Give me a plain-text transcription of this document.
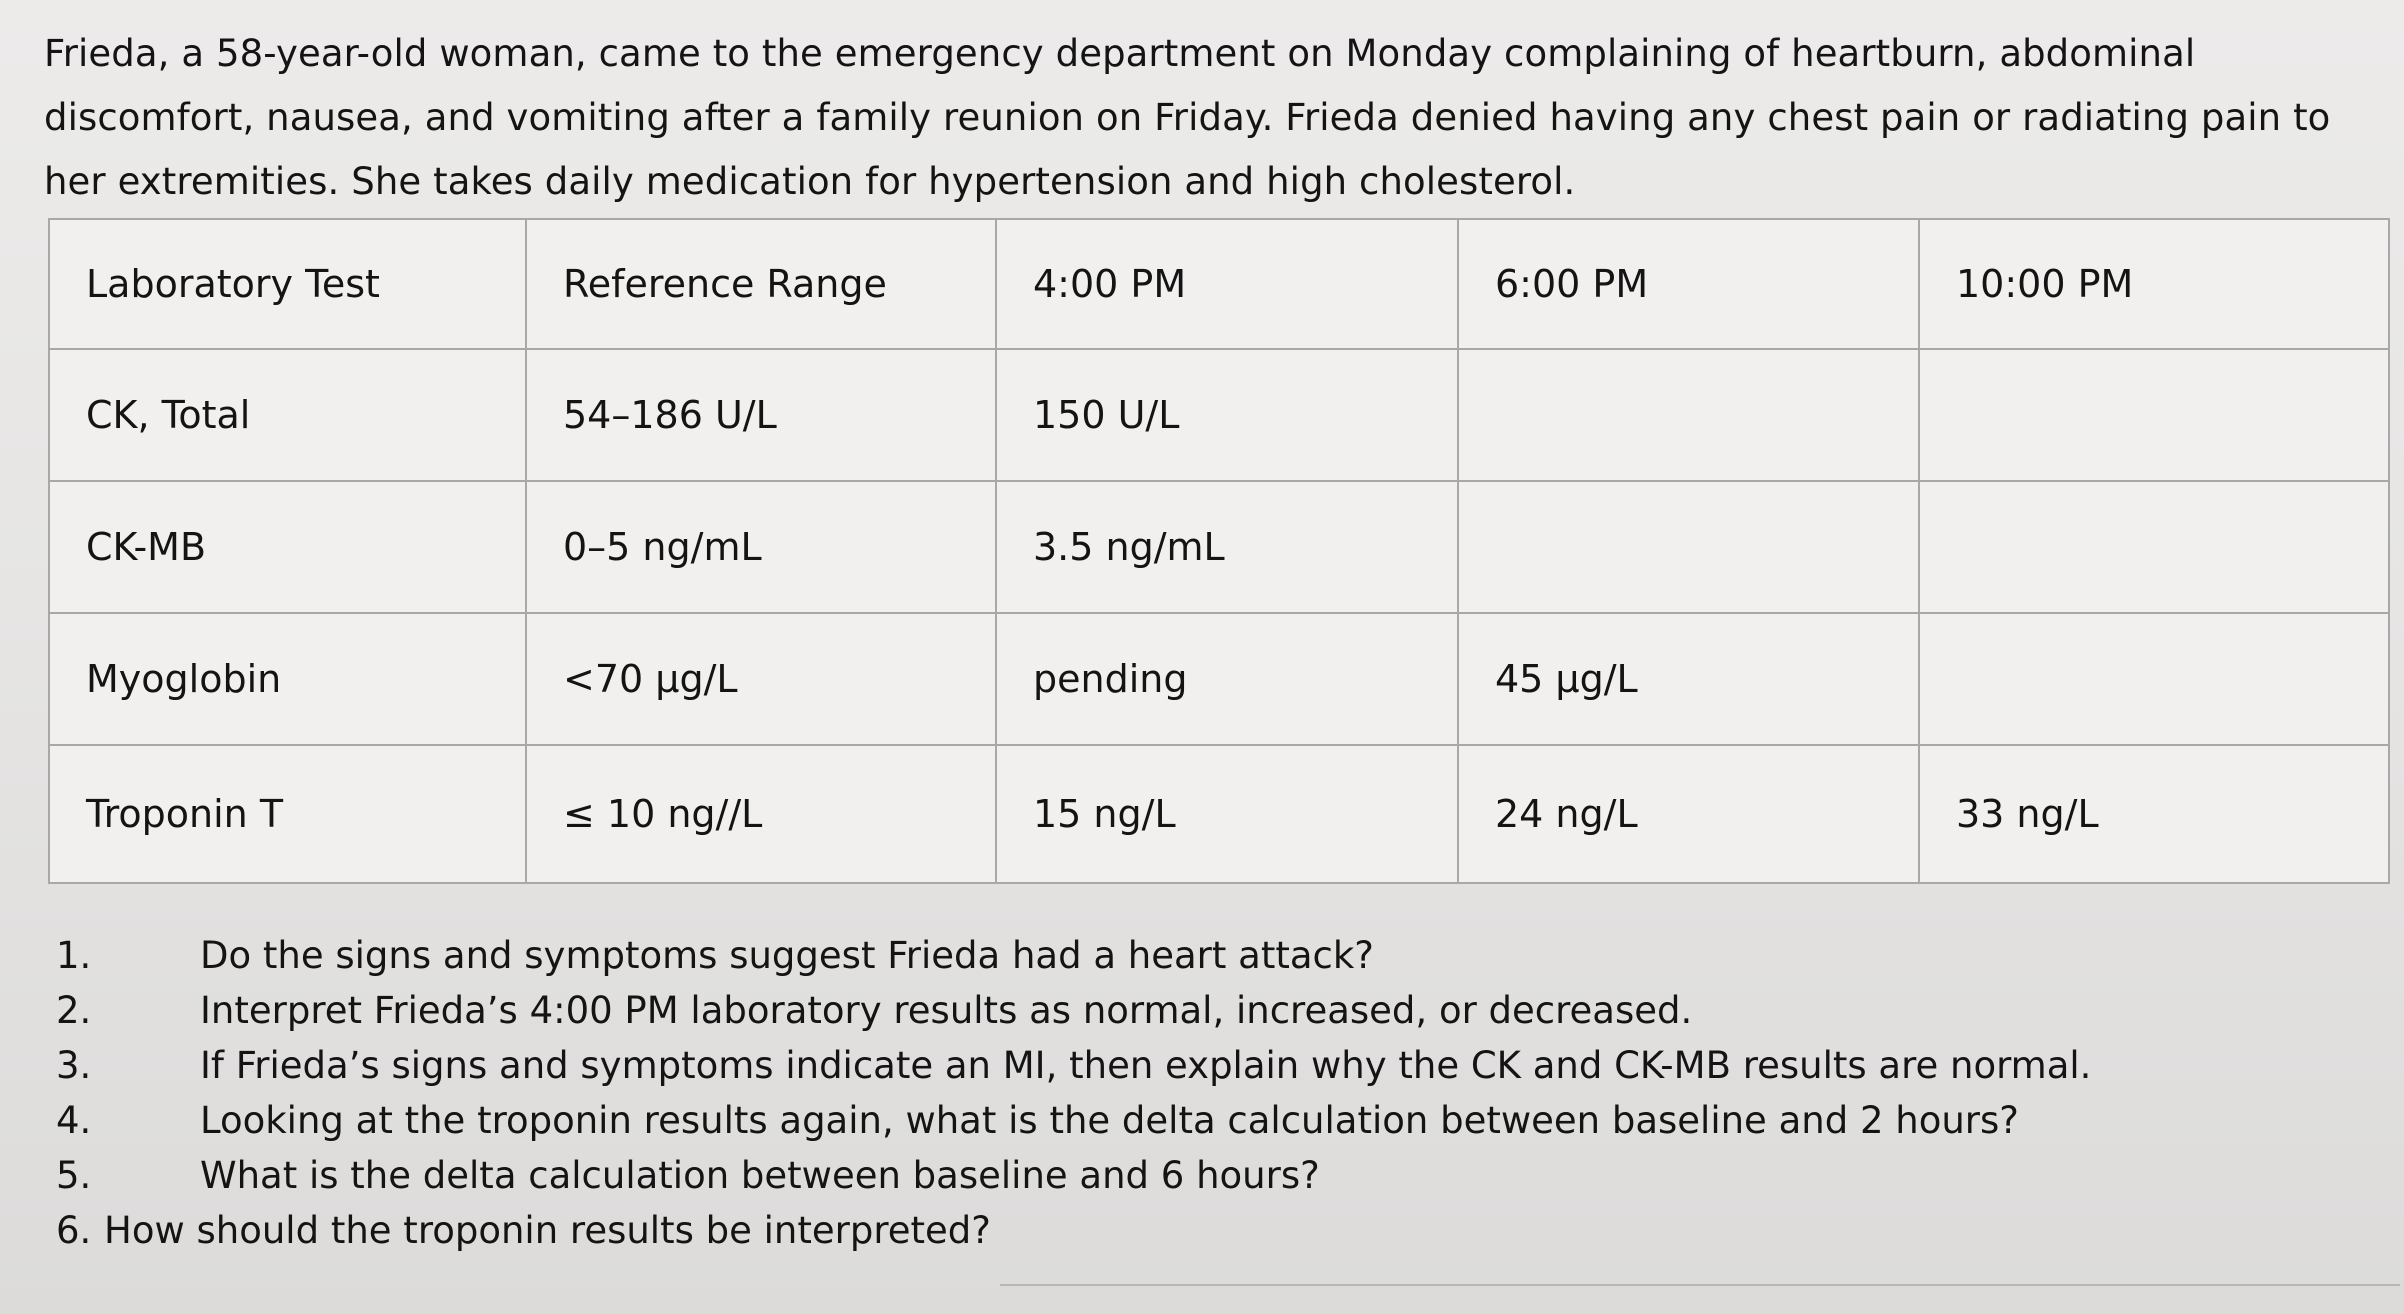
Frieda, a 58-year-old woman, came to the emergency department on Monday complaining of heartburn, abdominal discomfort, nausea, and vomiting after a family reunion on Friday. Frieda denied having any chest pain or radiating pain to her extremities. She takes daily medication for hypertension and high cholesterol.

Laboratory Test	Reference Range	4:00 PM	6:00 PM	10:00 PM
CK, Total	54–186 U/L	150 U/L		
CK-MB	0–5 ng/mL	3.5 ng/mL		
Myoglobin	<70 µg/L	pending	45 µg/L	
Troponin T	≤ 10 ng//L	15 ng/L	24 ng/L	33 ng/L
1.	Do the signs and symptoms suggest Frieda had a heart attack?
2.	Interpret Frieda’s 4:00 PM laboratory results as normal, increased, or decreased.
3.	If Frieda’s signs and symptoms indicate an MI, then explain why the CK and CK-MB results are normal.
4.	Looking at the troponin results again, what is the delta calculation between baseline and 2 hours?
5.	What is the delta calculation between baseline and 6 hours?
6. How should the troponin results be interpreted?
